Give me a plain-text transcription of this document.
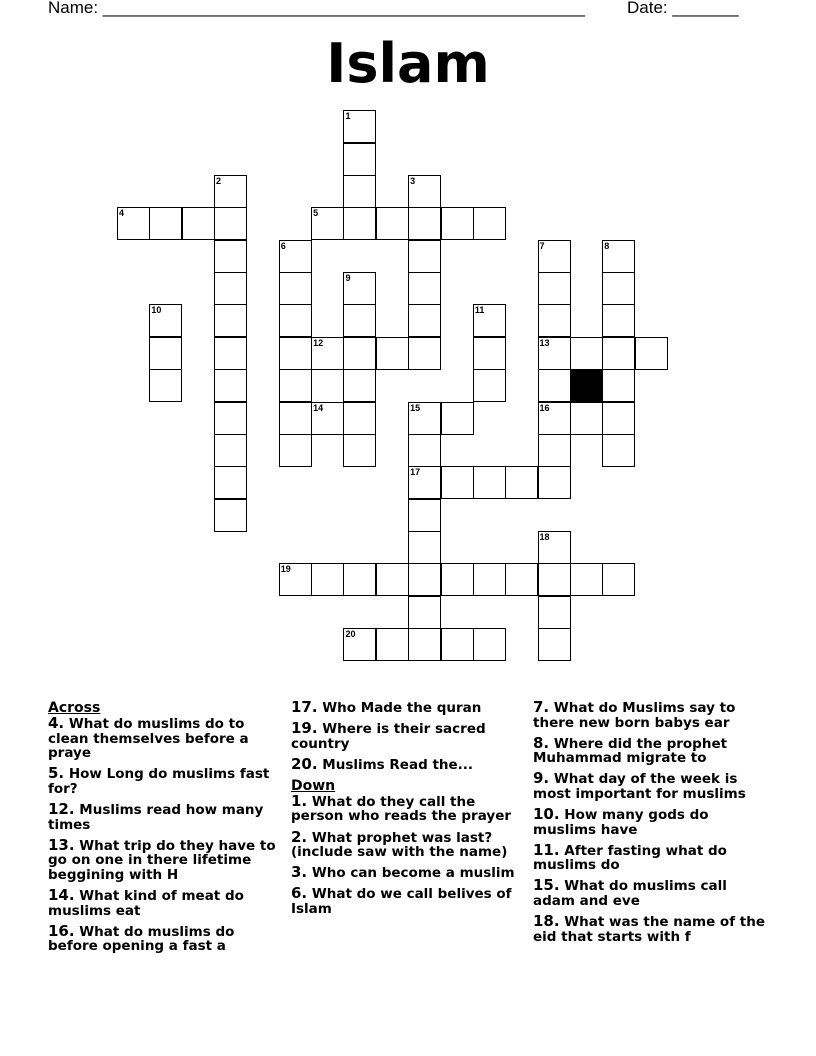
Name: ___________________________________________________ Date: _______
Islam
1
2	3
4	5
6	7	8
9
10	11
12	13
14	15	16
17
18
19
20
Across
4. What do muslims do to clean themselves before a praye
5. How Long do muslims fast for?
12. Muslims read how many times
13. What trip do they have to go on one in there lifetime beggining with H
14. What kind of meat do muslims eat
16. What do muslims do before opening a fast a
17. Who Made the quran
19. Where is their sacred country
20. Muslims Read the...
Down
1. What do they call the person who reads the prayer
2. What prophet was last?(include saw with the name)
3. Who can become a muslim
6. What do we call belives of Islam
7. What do Muslims say to there new born babys ear
8. Where did the prophet Muhammad migrate to
9. What day of the week is most important for muslims
10. How many gods do muslims have
11. After fasting what do muslims do
15. What do muslims call adam and eve
18. What was the name of the eid that starts with f
